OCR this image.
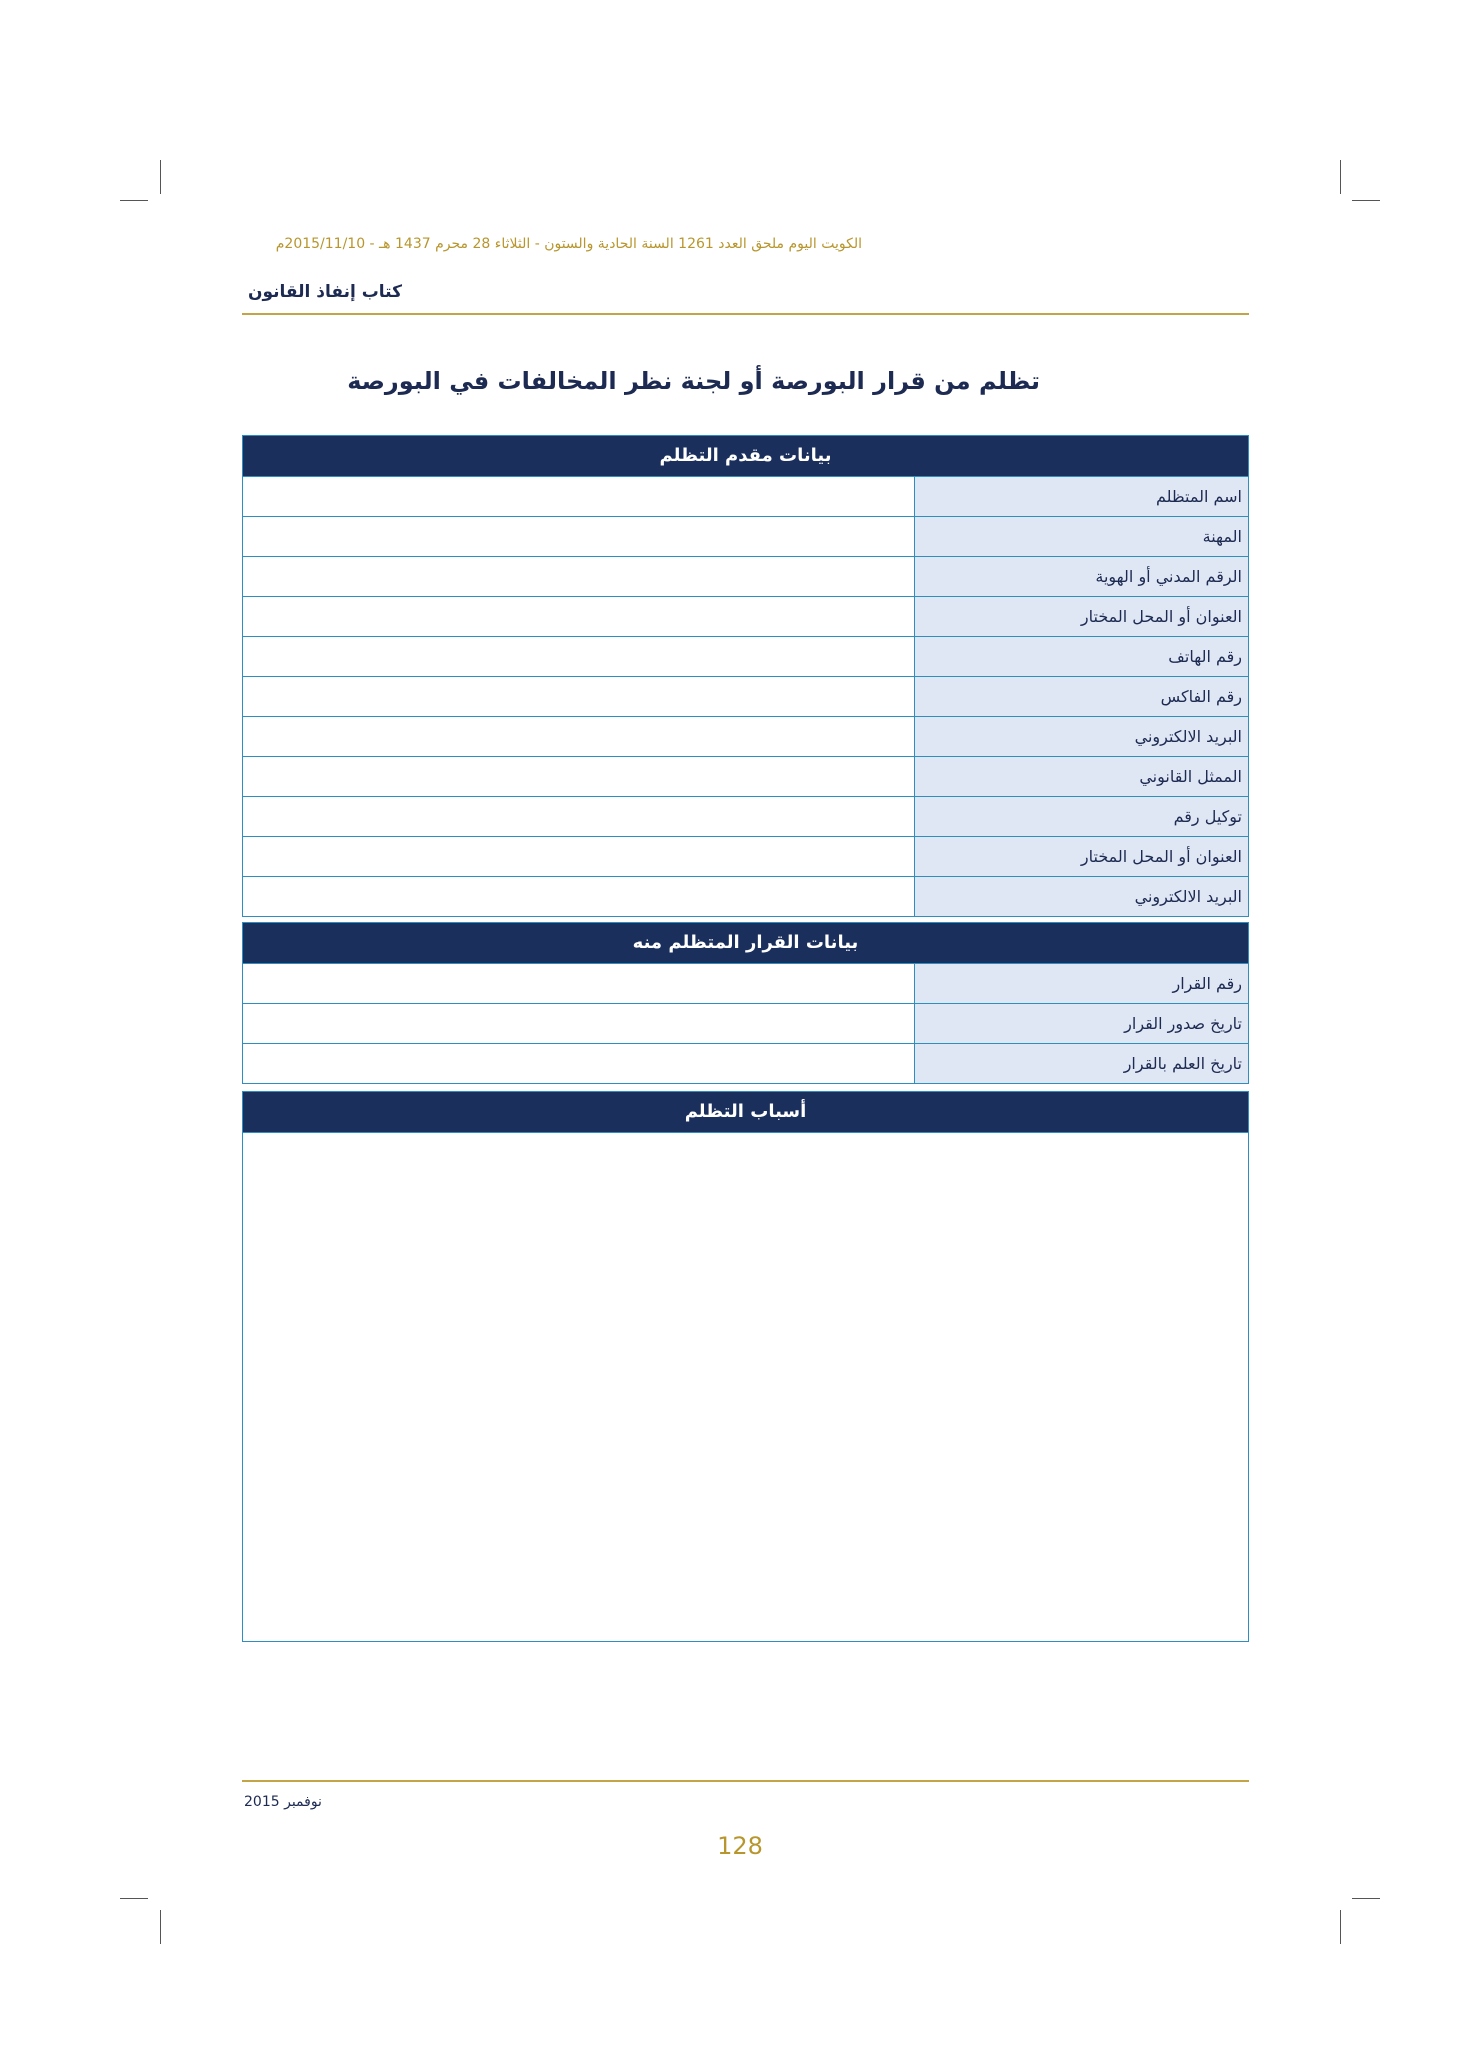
الكويت اليوم ملحق العدد 1261 السنة الحادية والستون - الثلاثاء 28 محرم 1437 هـ - 2015/11/10م
كتاب إنفاذ القانون
تظلم من قرار البورصة أو لجنة نظر المخالفات في البورصة
بيانات مقدم التظلم
اسم المتظلم
المهنة
الرقم المدني أو الهوية
العنوان أو المحل المختار
رقم الهاتف
رقم الفاكس
البريد الالكتروني
الممثل القانوني
توكيل رقم
العنوان أو المحل المختار
البريد الالكتروني
بيانات القرار المتظلم منه
رقم القرار
تاريخ صدور القرار
تاريخ العلم بالقرار
أسباب التظلم
نوفمبر 2015
128
